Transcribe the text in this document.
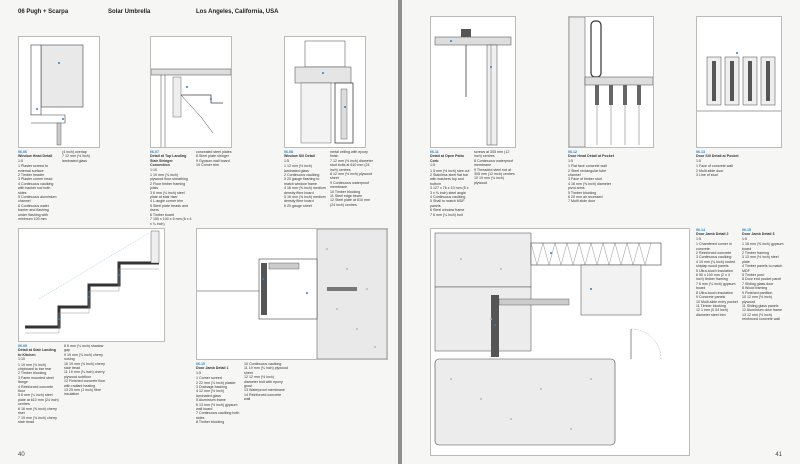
06 Pugh + Scarpa	Solar Umbrella	Los Angeles, California, USA
06.06
Window Head Detail
1:5
1 Plaster screed to external surface
2 Timber header
3 Plaster corner bead
4 Continuous caulking with backer rod both sides
5 Continuous aluminium channel
6 Continuous water barrier and flashing under flashing with minimum 100 mm
(4 inch) overlap
7 12 mm (½ inch) laminated glass
06.07
Detail at Top Landing Stair Stringer Connection
1:10
1 19 mm (¾ inch) plywood floor sheathing
2 Floor timber framing joists
3 6 mm (¼ inch) steel plate at stair riser
4 L-angle corner trim
5 Steel plate treads and risers
6 Timber board
7 150 x 100 x 6 mm (6 x 4 x ¼ inch)
concealed steel plates
8 Steel plate stringer
9 Gypsum wall board
10 Corner trim
06.08
Window Sill Detail
1:5
1 12 mm (½ inch) laminated glass
2 Continuous caulking
3 20 gauge flashing to match window frame
4 16 mm (⅝ inch) medium density fibre board
5 16 mm (⅝ inch) medium density fibre board
6 20 gauge sheet
metal ceiling with epoxy finish
7 12 mm (½ inch) diameter stud bolts at 610 mm (24 inch) centres
8 12 mm (½ inch) plywood sheet
9 Continuous waterproof membrane
10 Timber blocking
11 Steel edge beam
12 Steel plate at 610 mm (24 inch) centres
06.09
Detail at Stair Landing to Kitchen
1:10
1 19 mm (¾ inch) chipboard to bar rear
2 Timber blocking
3 Fame mounted steel flange
4 Reinforced concrete floor
5 6 mm (¼ inch) steel plate at 610 mm (24 inch) centres
6 16 mm (⅝ inch) cherry riser
7 19 mm (¾ inch) cherry stair tread
8 6 mm (¼ inch) shadow gap
9 19 mm (¾ inch) cherry nosing
10 19 mm (¾ inch) cherry stair tread
11 19 mm (¾ inch) cherry plywood subfloor
12 Finished concrete floor with radiant heating
13 25 mm (1 inch) fibre insulation
06.10
Door Jamb Detail 1
1:5
1 Corner screed
2 22 mm (⅞ inch) plaster
3 Drainage backing
4 12 mm (½ inch) laminated glass
5 Aluminium frame
6 13 mm (½ inch) gypsum wall board
7 Continuous caulking both sides
8 Timber blocking
10 Continuous caulking
11 19 mm (¾ inch) plywood sheet
12 12 mm (½ inch) diameter bolt with epoxy grout
13 Waterproof membrane
14 Reinforced concrete wall
40
06.11
Detail at Open Patio Corb
1:5
1 5 mm (½ inch) stee cut
2 Stainless steel flat bar with washers top and bottom
3 127 x 76 x 10 mm (5 x 3 x ⅜ inch) steel angle
4 Continuous caulking
5 Shall to match MDF panels
6 Steel window frame
7 6 mm (¼ inch) bolt
screws at 305 mm (12 inch) centres
8 Continuous waterproof membrane
9 Threaded steel rod at 305 mm (12 inch) centres
10 19 mm (¾ inch) plywood
06.12
Door Head Detail at Pocket
1:5
1 Flat face concrete wall
2 Steel rectangular tube channel
3 Face of timber stud
4 16 mm (⅝ inch) diameter pivot arms
5 Timber blocking
6 20 mm air recessed
7 Multi slide door
06.13
Door Sill Detail at Pocket
1:5
1 Face of concrete wall
2 Multi-slide door
3 Line of stud
06.14
Door Jamb Detail 2
1:5
1 Chamfered corner in concrete
2 Reinforced concrete
3 Continuous caulking
4 19 mm (¾ inch) routed shiplap wood panels
5 Ultra-touch insulation
6 50 x 100 mm (2 x 4 inch) timber framing
7 6 mm (¼ inch) gypsum board
8 Ultra-touch insulation
9 Concrete panels
10 Multi-slide entry pocket
11 Timber blocking
12 1 mm (0.04 inch) diameter steel trim
06.15
Door Jamb Detail 3
1:5
1 16 mm (⅝ inch) gypsum board
2 Timber framing
3 13 mm (½ inch) steel plate
4 Timber panels to match MDF
5 Timber post
6 Door end pocket panel
7 Sliding glass door
8 Wood framing
9 Finished partition
10 12 mm (½ inch) plywood
11 Sliding glass panels
12 Aluminium door frame
13 12 mm (½ inch) reinforced concrete wall
41
